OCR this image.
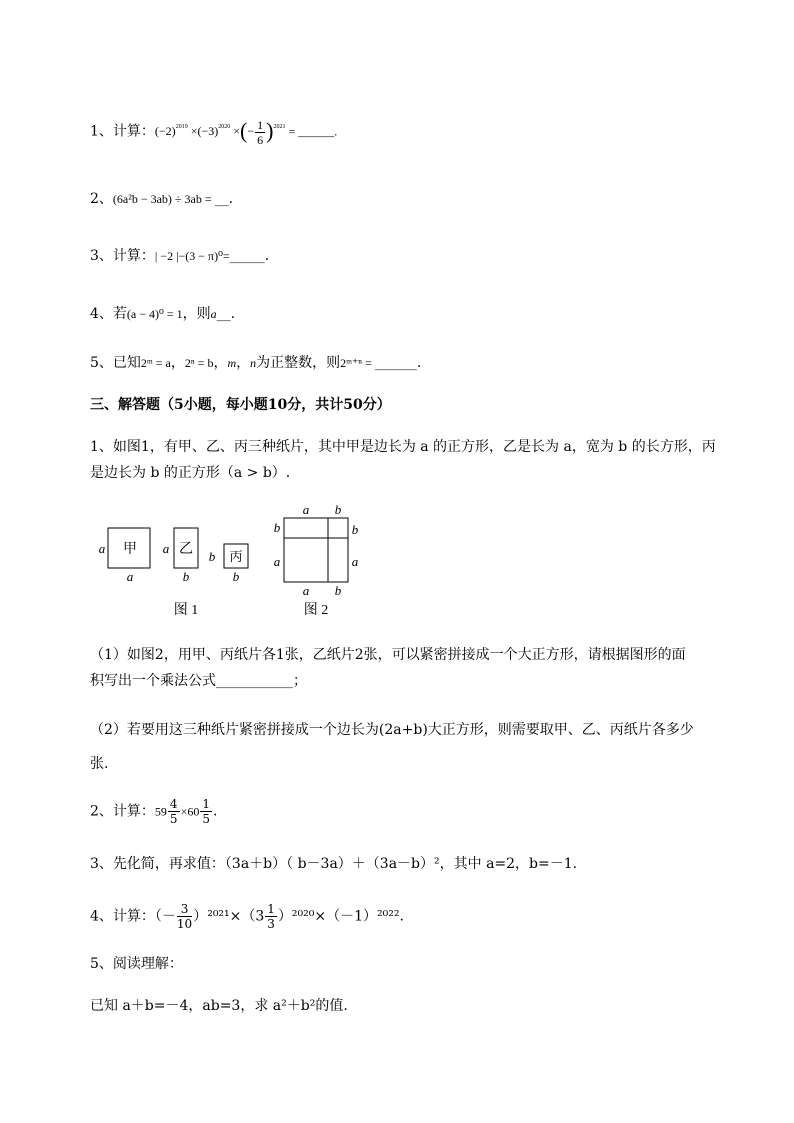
1、计算：$(-2)^{2019} \times(-3)^{2020}$ ×(− $\frac{1}{6} )^{2021}$ = ______.
2、(6a²b − 3ab) ÷ 3ab = __.
3、计算：| −2 |−(3 − π)⁰=_____.
4、若(a − 4)⁰ = 1，则a__.
5、已知2ᵐ = a，2ⁿ = b，m，n为正整数，则2ᵐ⁺ⁿ = ______.
三、解答题（5小题，每小题10分，共计50分）
1、如图1，有甲、乙、丙三种纸片，其中甲是边长为 a 的正方形，乙是长为 a，宽为 b 的长方形，丙
是边长为 b 的正方形（a > b）.
甲
a
a
乙
a
b
丙
b
b
图 1
a b
a b
b
a
b
a
图 2
（1）如图2，用甲、丙纸片各1张，乙纸片2张，可以紧密拼接成一个大正方形，请根据图形的面
积写出一个乘法公式___________；
（2）若要用这三种纸片紧密拼接成一个边长为(2a+b)大正方形，则需要取甲、乙、丙纸片各多少
张.
2、计算：$59 \frac{4}{5} \times 60 \frac{1}{5}$ .
3、先化简，再求值：（3a＋b）（ b－3a）＋（3a－b）²，其中 a=2，b=－1.
4、计算：（－ $\frac{3}{10} )^{2021}\times(3 \frac{1}{3} )^{2020}\times(-1)^{2022}$.
5、阅读理解：
已知 a＋b=－4，ab=3，求 a²＋b²的值.
